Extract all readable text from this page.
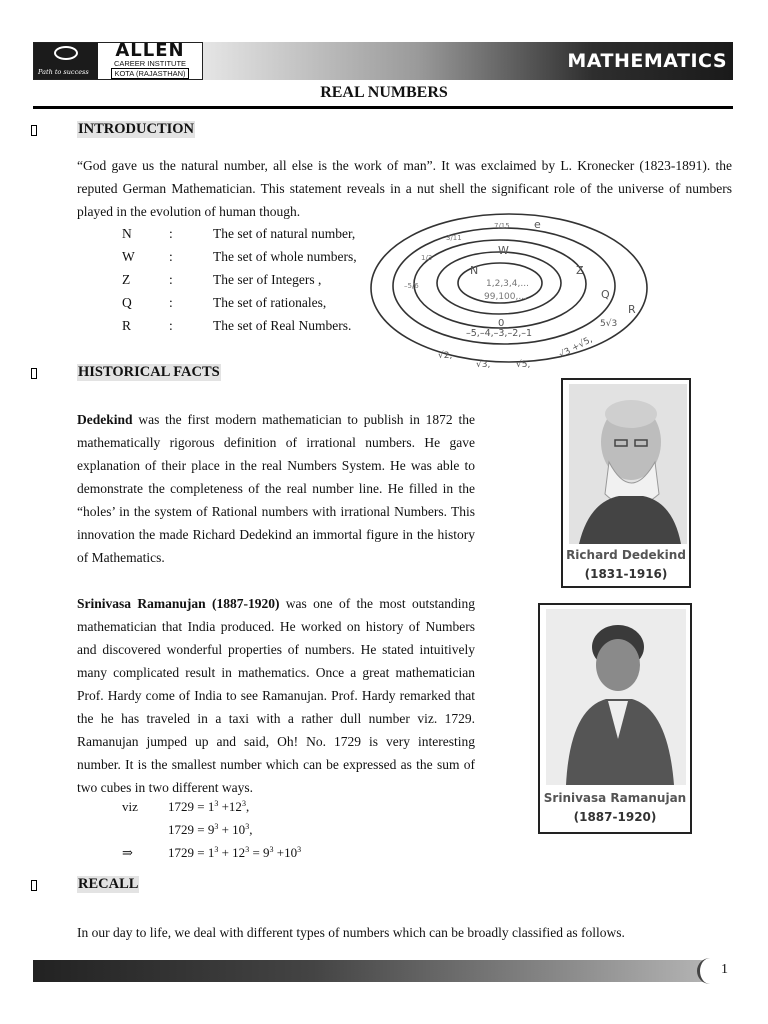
Path to success
ALLEN
CAREER INSTITUTE
KOTA (RAJASTHAN)
MATHEMATICS
REAL NUMBERS
INTRODUCTION
“God gave us the natural number, all else is the work of man”. It was exclaimed by L. Kronecker (1823-1891). the reputed German Mathematician. This statement reveals in a nut shell the significant role of the universe of numbers played in the evolution of human though.
N	:	The set of natural number,
W	:	The set of whole numbers,
Z	:	The ser of Integers ,
Q	:	The set of rationales,
R	:	The set of Real Numbers.
N
1,2,3,4,...
99,100,...
W
0
Z
–5,–4,–3,–2,–1
Q
R
e
7/15
3/11
1/3
–5/6
√2,
√3,	√5,
√3 +√5,
5√3
HISTORICAL FACTS
Dedekind was the first modern mathematician to publish in 1872 the mathematically rigorous definition of irrational numbers. He gave explanation of their place in the real Numbers System. He was able to demonstrate the completeness of the real number line. He filled in the “holes’ in the system of Rational numbers with irrational Numbers. This innovation the made Richard Dedekind an immortal figure in the history of Mathematics.
Srinivasa Ramanujan (1887-1920) was one of the most outstanding mathematician that India produced. He worked on history of Numbers and discovered wonderful properties of numbers. He stated intuitively many complicated result in mathematics. Once a great mathematician Prof. Hardy come of India to see Ramanujan. Prof. Hardy remarked that the he has traveled in a taxi with a rather dull number viz. 1729. Ramanujan jumped up and said, Oh! No. 1729 is very interesting number. It is the smallest number which can be expressed as the sum of two cubes in two different ways.
Richard Dedekind
(1831-1916)
Srinivasa Ramanujan
(1887-1920)
viz $1729 = 1^3 +12^3$,
$1729 = 9^3 + 10^3$,
⇒	$1729 = 1^3 + 12^3 = 9^3 +10^3$
RECALL
In our day to life, we deal with different types of numbers which can be broadly classified as follows.
1
